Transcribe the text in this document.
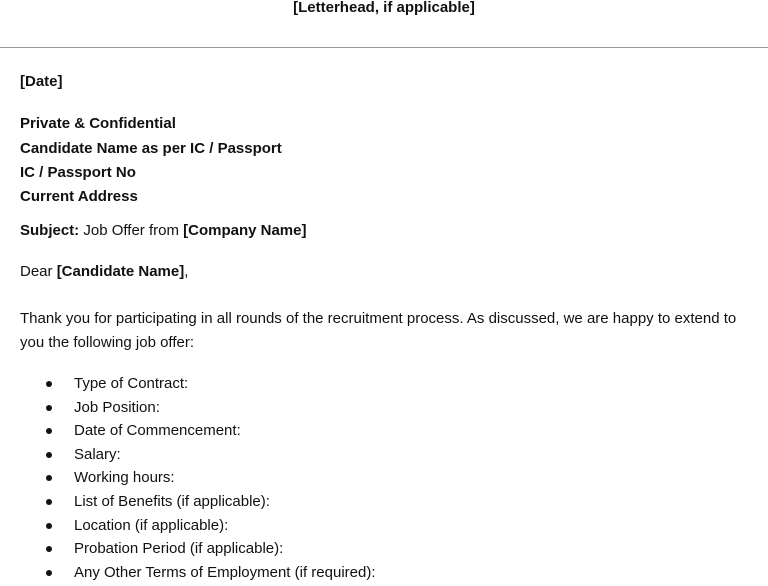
[Letterhead, if applicable]
[Date]
Private & Confidential
Candidate Name as per IC / Passport
IC / Passport No
Current Address
Subject: Job Offer from [Company Name]
Dear [Candidate Name],
Thank you for participating in all rounds of the recruitment process. As discussed, we are happy to extend to you the following job offer:
Type of Contract:
Job Position:
Date of Commencement:
Salary:
Working hours:
List of Benefits (if applicable):
Location (if applicable):
Probation Period (if applicable):
Any Other Terms of Employment (if required):
